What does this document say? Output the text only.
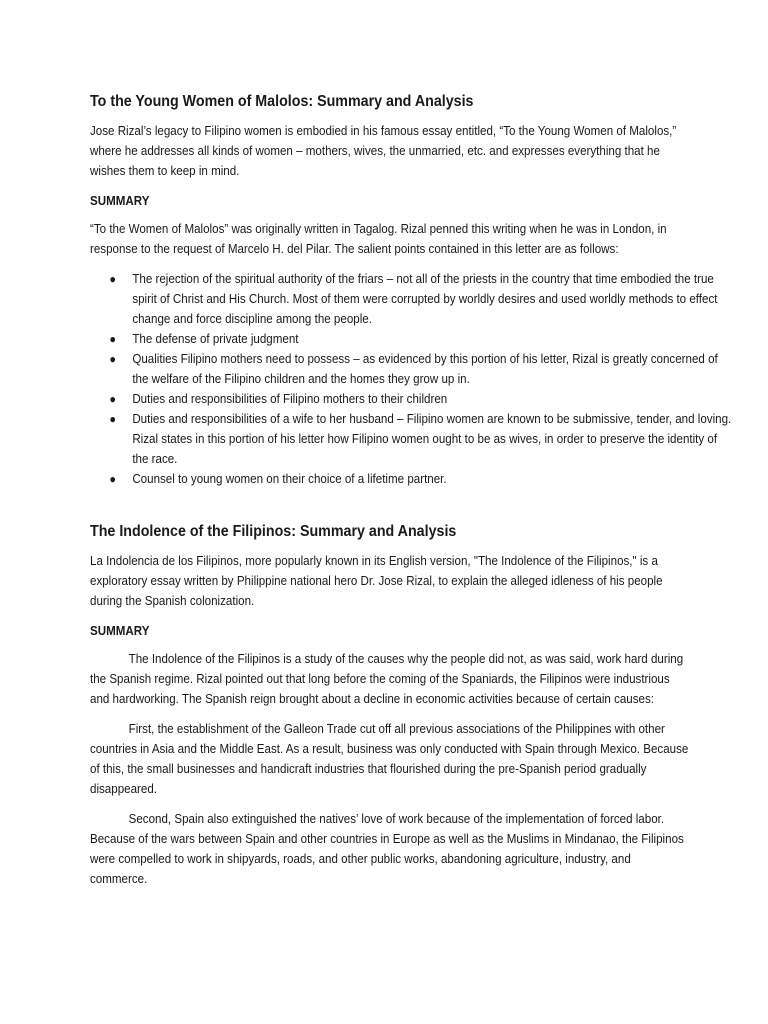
To the Young Women of Malolos: Summary and Analysis

Jose Rizal’s legacy to Filipino women is embodied in his famous essay entitled, “To the Young Women of Malolos,” where he addresses all kinds of women – mothers, wives, the unmarried, etc. and expresses everything that he wishes them to keep in mind.

SUMMARY

“To the Women of Malolos” was originally written in Tagalog. Rizal penned this writing when he was in London, in response to the request of Marcelo H. del Pilar. The salient points contained in this letter are as follows:

● The rejection of the spiritual authority of the friars – not all of the priests in the country that time embodied the true spirit of Christ and His Church. Most of them were corrupted by worldly desires and used worldly methods to effect change and force discipline among the people.
● The defense of private judgment
● Qualities Filipino mothers need to possess – as evidenced by this portion of his letter, Rizal is greatly concerned of the welfare of the Filipino children and the homes they grow up in.
● Duties and responsibilities of Filipino mothers to their children
● Duties and responsibilities of a wife to her husband – Filipino women are known to be submissive, tender, and loving. Rizal states in this portion of his letter how Filipino women ought to be as wives, in order to preserve the identity of the race.
● Counsel to young women on their choice of a lifetime partner.
The Indolence of the Filipinos: Summary and Analysis

La Indolencia de los Filipinos, more popularly known in its English version, "The Indolence of the Filipinos," is a exploratory essay written by Philippine national hero Dr. Jose Rizal, to explain the alleged idleness of his people during the Spanish colonization.

SUMMARY

The Indolence of the Filipinos is a study of the causes why the people did not, as was said, work hard during the Spanish regime. Rizal pointed out that long before the coming of the Spaniards, the Filipinos were industrious and hardworking. The Spanish reign brought about a decline in economic activities because of certain causes:

First, the establishment of the Galleon Trade cut off all previous associations of the Philippines with other countries in Asia and the Middle East. As a result, business was only conducted with Spain through Mexico. Because of this, the small businesses and handicraft industries that flourished during the pre-Spanish period gradually disappeared.

Second, Spain also extinguished the natives’ love of work because of the implementation of forced labor. Because of the wars between Spain and other countries in Europe as well as the Muslims in Mindanao, the Filipinos were compelled to work in shipyards, roads, and other public works, abandoning agriculture, industry, and commerce.
